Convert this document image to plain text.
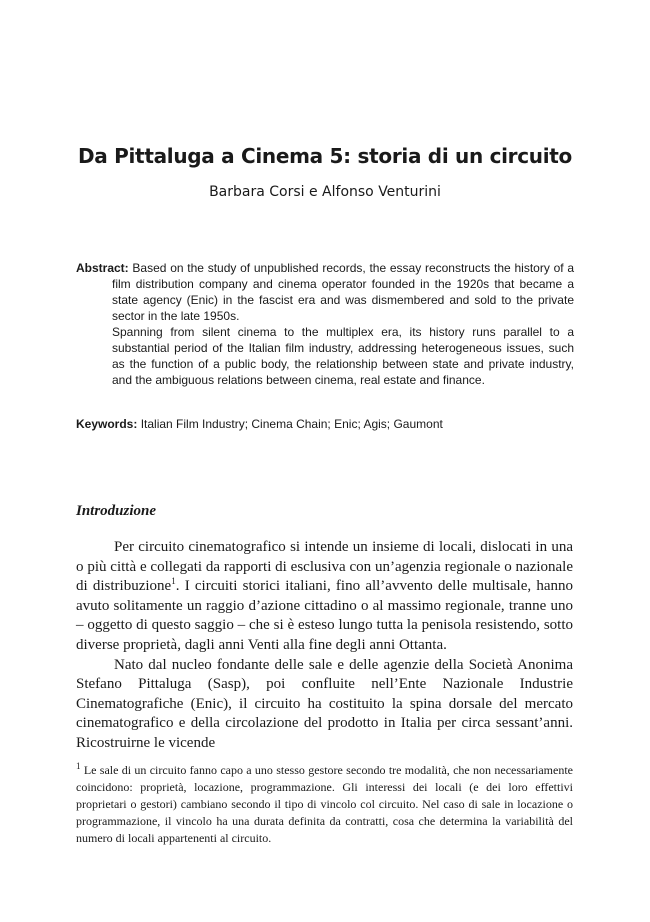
Da Pittaluga a Cinema 5: storia di un circuito

Barbara Corsi e Alfonso Venturini

Abstract: Based on the study of unpublished records, the essay reconstructs the history of a film distribution company and cinema operator founded in the 1920s that became a state agency (Enic) in the fascist era and was dismembered and sold to the private sector in the late 1950s.

Spanning from silent cinema to the multiplex era, its history runs parallel to a substantial period of the Italian film industry, addressing heterogeneous issues, such as the function of a public body, the relationship between state and private industry, and the ambiguous relations between cinema, real estate and finance.

Keywords: Italian Film Industry; Cinema Chain; Enic; Agis; Gaumont

Introduzione

Per circuito cinematografico si intende un insieme di locali, dislocati in una o più città e collegati da rapporti di esclusiva con un’agenzia regionale o nazionale di distribuzione$^1$. I circuiti storici italiani, fino all’avvento delle multisale, hanno avuto solitamente un raggio d’azione cittadino o al massimo regionale, tranne uno – oggetto di questo saggio – che si è esteso lungo tutta la penisola resistendo, sotto diverse proprietà, dagli anni Venti alla fine degli anni Ottanta.

Nato dal nucleo fondante delle sale e delle agenzie della Società Anonima Stefano Pittaluga (Sasp), poi confluite nell’Ente Nazionale Industrie Cinematografiche (Enic), il circuito ha costituito la spina dorsale del mercato cinematografico e della circolazione del prodotto in Italia per circa sessant’anni. Ricostruirne le vicende

$^1$ Le sale di un circuito fanno capo a uno stesso gestore secondo tre modalità, che non necessariamente coincidono: proprietà, locazione, programmazione. Gli interessi dei locali (e dei loro effettivi proprietari o gestori) cambiano secondo il tipo di vincolo col circuito. Nel caso di sale in locazione o programmazione, il vincolo ha una durata definita da contratti, cosa che determina la variabilità del numero di locali appartenenti al circuito.
